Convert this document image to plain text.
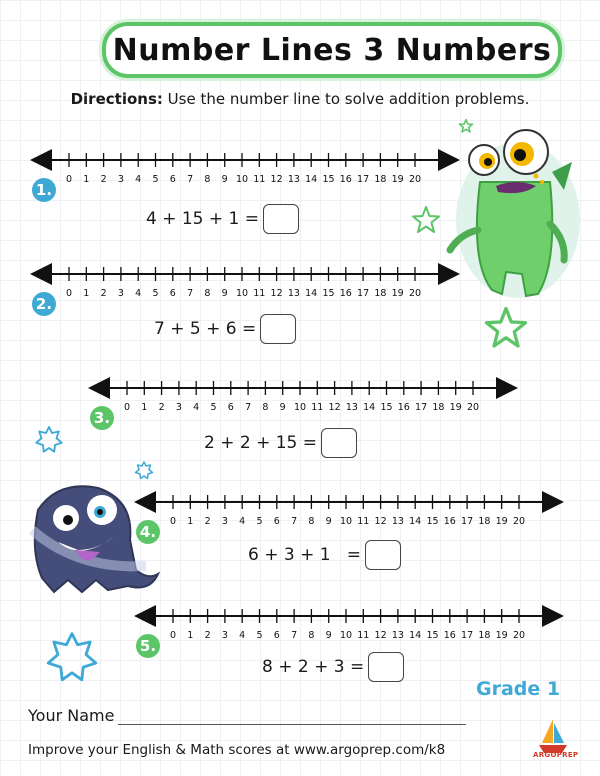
Number Lines 3 Numbers
Directions: Use the number line to solve addition problems.
0 1 2 3 4 5 6 7 8 9 10 11 12 13 14 15 16 17 18 19 20
1.
4 + 15 + 1 =
0 1 2 3 4 5 6 7 8 9 10 11 12 13 14 15 16 17 18 19 20
2.
7 + 5 + 6 =
0 1 2 3 4 5 6 7 8 9 10 11 12 13 14 15 16 17 18 19 20
3.
2 + 2 + 15 =
0 1 2 3 4 5 6 7 8 9 10 11 12 13 14 15 16 17 18 19 20
4.
6 + 3 + 1   =
0 1 2 3 4 5 6 7 8 9 10 11 12 13 14 15 16 17 18 19 20
5.
8 + 2 + 3 =
Grade 1
Your Name
Improve your English & Math scores at www.argoprep.com/k8	ARGOPREP
